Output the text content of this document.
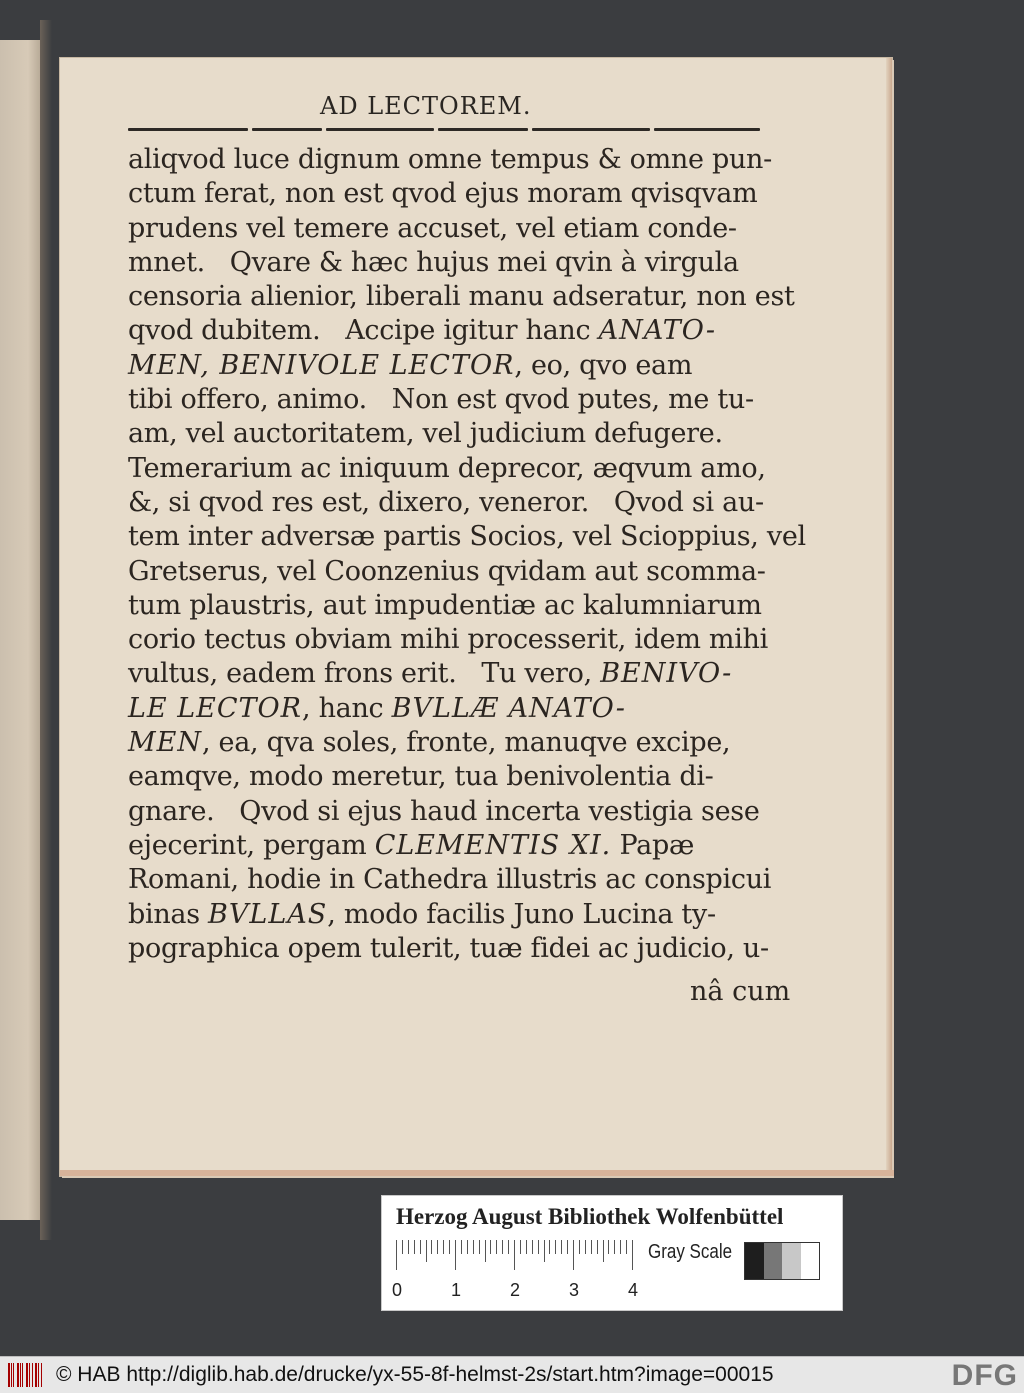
AD LECTOREM.
aliqvod luce dignum omne tempus & omne pun-
ctum ferat, non est qvod ejus moram qvisqvam
prudens vel temere accuset, vel etiam conde-
mnet.   Qvare & hæc hujus mei qvin à virgula
censoria alienior, liberali manu adseratur, non est
qvod dubitem.   Accipe igitur hanc ANATO-
MEN, BENIVOLE LECTOR, eo, qvo eam
tibi offero, animo.   Non est qvod putes, me tu-
am, vel auctoritatem, vel judicium defugere.
Temerarium ac iniquum deprecor, æqvum amo,
&, si qvod res est, dixero, veneror.   Qvod si au-
tem inter adversæ partis Socios, vel Scioppius, vel
Gretserus, vel Coonzenius qvidam aut scomma-
tum plaustris, aut impudentiæ ac kalumniarum
corio tectus obviam mihi processerit, idem mihi
vultus, eadem frons erit.   Tu vero, BENIVO-
LE LECTOR, hanc BVLLÆ ANATO-
MEN, ea, qva soles, fronte, manuqve excipe,
eamqve, modo meretur, tua benivolentia di-
gnare.   Qvod si ejus haud incerta vestigia sese
ejecerint, pergam CLEMENTIS XI. Papæ
Romani, hodie in Cathedra illustris ac conspicui
binas BVLLAS, modo facilis Juno Lucina ty-
pographica opem tulerit, tuæ fidei ac judicio, u-
nâ cum
Herzog August Bibliothek Wolfenbüttel
0	1	2	3	4
Gray Scale
© HAB http://diglib.hab.de/drucke/yx-55-8f-helmst-2s/start.htm?image=00015	DFG
